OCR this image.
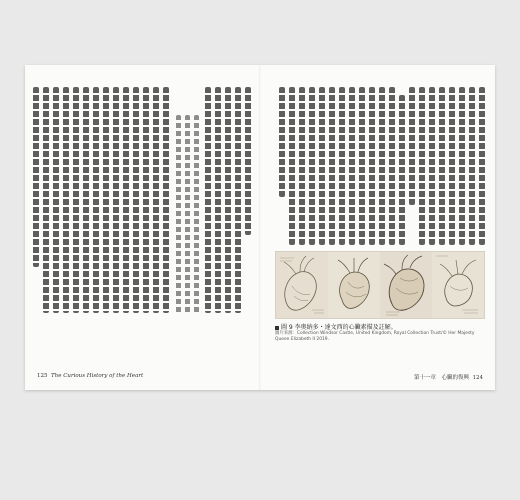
125 The Curious History of the Heart
圖 9 李奧納多・達文西的心臟素描及註解。
圖片來源：Collection Windsor Castle, United Kingdom, Royal Collection Trust/© Her Majesty Queen Elizabeth II 2019.
第十一章　心臟的復興 124
